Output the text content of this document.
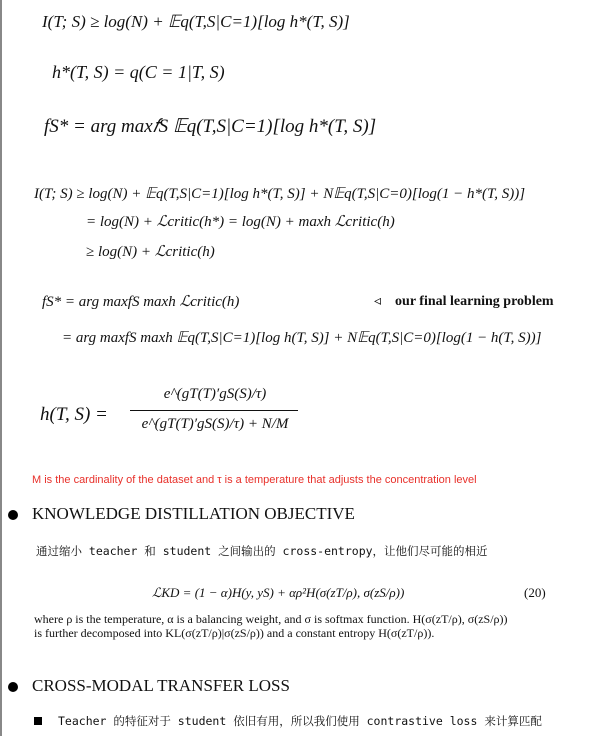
I(T; S) ≥ log(N) + 𝔼q(T,S|C=1)[log h*(T, S)]
h*(T, S) = q(C = 1|T, S)
fS* = arg max𝑓S 𝔼q(T,S|C=1)[log h*(T, S)]
I(T; S) ≥ log(N) + 𝔼q(T,S|C=1)[log h*(T, S)] + N𝔼q(T,S|C=0)[log(1 − h*(T, S))]
= log(N) + ℒcritic(h*) = log(N) + maxh ℒcritic(h)
≥ log(N) + ℒcritic(h)
fS* = arg maxfS maxh ℒcritic(h)	◃ our final learning problem
= arg maxfS maxh 𝔼q(T,S|C=1)[log h(T, S)] + N𝔼q(T,S|C=0)[log(1 − h(T, S))]
h(T, S) =
e^(gT(T)′gS(S)/τ)
e^(gT(T)′gS(S)/τ) + N/M
M is the cardinality of the dataset and τ is a temperature that adjusts the concentration level
KNOWLEDGE DISTILLATION OBJECTIVE
通过缩小 teacher 和 student 之间输出的 cross-entropy，让他们尽可能的相近
ℒKD = (1 − α)H(y, yS) + αρ²H(σ(zT/ρ), σ(zS/ρ))	(20)
where ρ is the temperature, α is a balancing weight, and σ is softmax function. H(σ(zT/ρ), σ(zS/ρ))
is further decomposed into KL(σ(zT/ρ)|σ(zS/ρ)) and a constant entropy H(σ(zT/ρ)).
CROSS-MODAL TRANSFER LOSS
Teacher 的特征对于 student 依旧有用，所以我们使用 contrastive loss 来计算匹配
